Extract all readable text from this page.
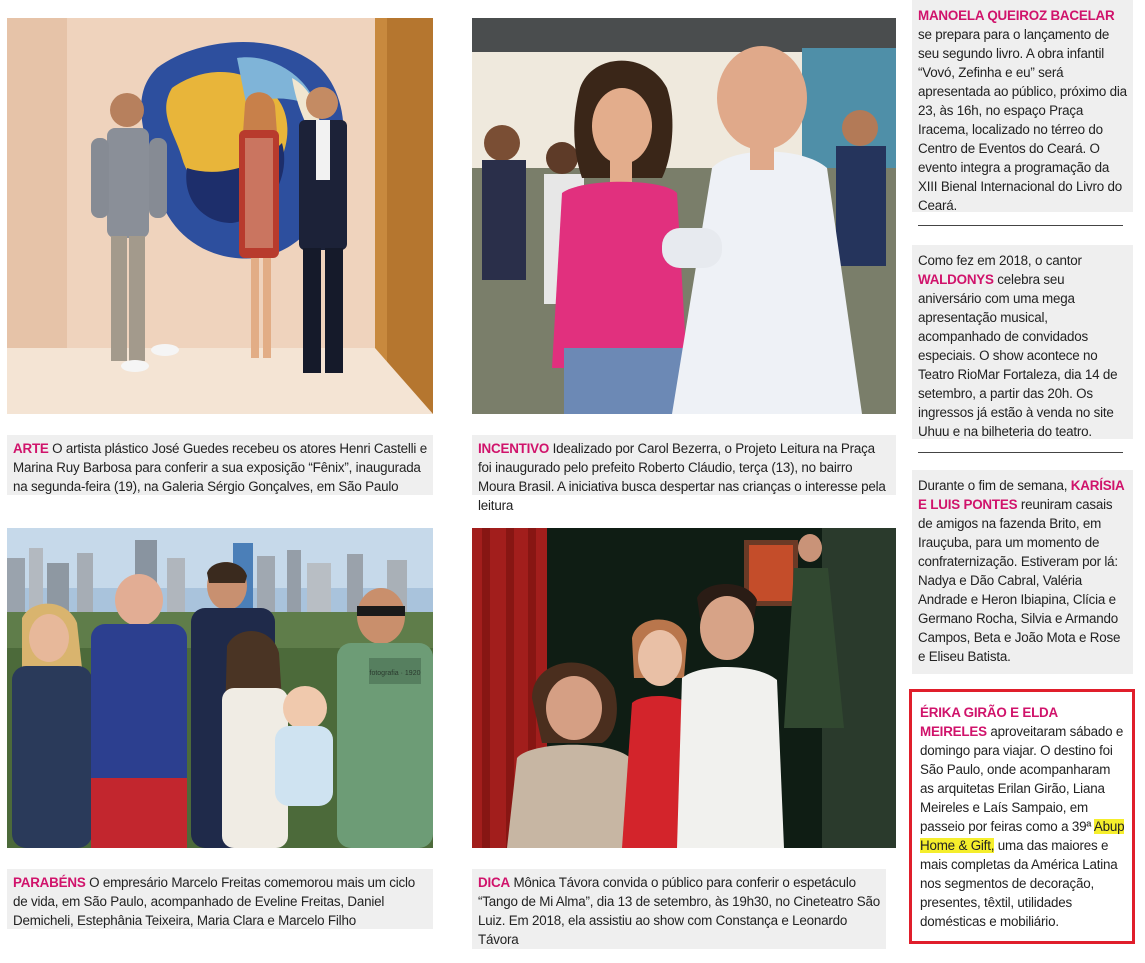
ARTE O artista plástico José Guedes recebeu os atores Henri Castelli e Marina Ruy Barbosa para conferir a sua exposição “Fênix”, inaugurada na segunda-feira (19), na Galeria Sérgio Gonçalves, em São Paulo
INCENTIVO Idealizado por Carol Bezerra, o Projeto Leitura na Praça foi inaugurado pelo prefeito Roberto Cláudio, terça (13), no bairro Moura Brasil. A iniciativa busca despertar nas crianças o interesse pela leitura
fotografia · 1920
PARABÉNS O empresário Marcelo Freitas comemorou mais um ciclo de vida, em São Paulo, acompanhado de Eveline Freitas, Daniel Demicheli, Estephânia Teixeira, Maria Clara e Marcelo Filho
DICA Mônica Távora convida o público para conferir o espetáculo “Tango de Mi Alma”, dia 13 de setembro, às 19h30, no Cineteatro São Luiz. Em 2018, ela assistiu ao show com Constança e Leonardo Távora
MANOELA QUEIROZ BACELAR se prepara para o lançamento de seu segundo livro. A obra infantil “Vovó, Zefinha e eu” será apresentada ao público, próximo dia 23, às 16h, no espaço Praça Iracema, localizado no térreo do Centro de Eventos do Ceará. O evento integra a programação da XIII Bienal Internacional do Livro do Ceará.
Como fez em 2018, o cantor WALDONYS celebra seu aniversário com uma mega apresentação musical, acompanhado de convidados especiais. O show acontece no Teatro RioMar Fortaleza, dia 14 de setembro, a partir das 20h. Os ingressos já estão à venda no site Uhuu e na bilheteria do teatro.
Durante o fim de semana, KARÍSIA E LUIS PONTES reuniram casais de amigos na fazenda Brito, em Irauçuba, para um momento de confraternização. Estiveram por lá: Nadya e Dão Cabral, Valéria Andrade e Heron Ibiapina, Clícia e Germano Rocha, Silvia e Armando Campos, Beta e João Mota e Rose e Eliseu Batista.
ÉRIKA GIRÃO E ELDA MEIRELES aproveitaram sábado e domingo para viajar. O destino foi São Paulo, onde acompanharam as arquitetas Erilan Girão, Liana Meireles e Laís Sampaio, em passeio por feiras como a 39ª Abup Home & Gift, uma das maiores e mais completas da América Latina nos segmentos de decoração, presentes, têxtil, utilidades domésticas e mobiliário.
